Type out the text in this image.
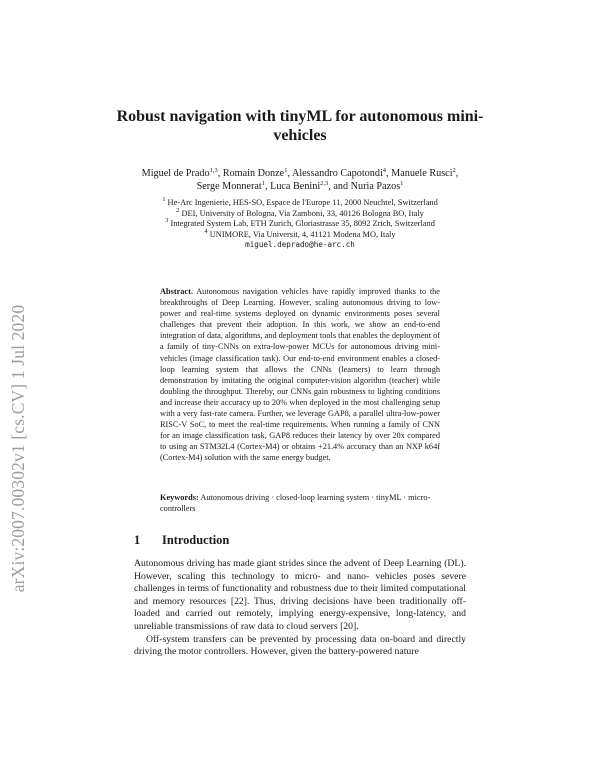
arXiv:2007.00302v1 [cs.CV] 1 Jul 2020
Robust navigation with tinyML for autonomous mini-vehicles
Miguel de Prado$^{1,3}$, Romain Donze$^1$, Alessandro Capotondi$^4$, Manuele Rusci$^2$,
Serge Monnerat$^1$, Luca Benini$^{2,3}$, and Nuria Pazos$^1$
$^1$ He-Arc Ingenierie, HES-SO, Espace de l'Europe 11, 2000 Neuchtel, Switzerland
$^2$ DEI, University of Bologna, Via Zamboni, 33, 40126 Bologna BO, Italy
$^3$ Integrated System Lab, ETH Zurich, Gloriastrasse 35, 8092 Zrich, Switzerland
$^4$ UNIMORE, Via Universit, 4, 41121 Modena MO, Italy
miguel.deprado@he-arc.ch
Abstract. Autonomous navigation vehicles have rapidly improved thanks to the breakthroughs of Deep Learning. However, scaling autonomous driving to low-power and real-time systems deployed on dynamic environments poses several challenges that prevent their adoption. In this work, we show an end-to-end integration of data, algorithms, and deployment tools that enables the deployment of a family of tiny-CNNs on extra-low-power MCUs for autonomous driving mini-vehicles (image classification task). Our end-to-end environment enables a closed-loop learning system that allows the CNNs (learners) to learn through demonstration by imitating the original computer-vision algorithm (teacher) while doubling the throughput. Thereby, our CNNs gain robustness to lighting conditions and increase their accuracy up to 20% when deployed in the most challenging setup with a very fast-rate camera. Further, we leverage GAP8, a parallel ultra-low-power RISC-V SoC, to meet the real-time requirements. When running a family of CNN for an image classification task, GAP8 reduces their latency by over 20x compared to using an STM32L4 (Cortex-M4) or obtains +21.4% accuracy than an NXP k64f (Cortex-M4) solution with the same energy budget.
Keywords: Autonomous driving · closed-loop learning system · tinyML · micro-controllers
1 Introduction

Autonomous driving has made giant strides since the advent of Deep Learning (DL). However, scaling this technology to micro- and nano- vehicles poses severe challenges in terms of functionality and robustness due to their limited computational and memory resources [22]. Thus, driving decisions have been traditionally off-loaded and carried out remotely, implying energy-expensive, long-latency, and unreliable transmissions of raw data to cloud servers [20].

Off-system transfers can be prevented by processing data on-board and directly driving the motor controllers. However, given the battery-powered nature
